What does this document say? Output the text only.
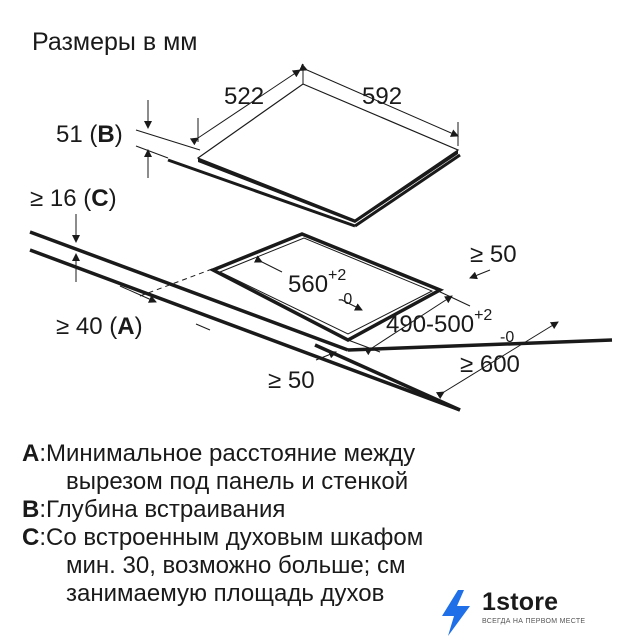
Размеры в мм
522	592
51 (B)
≥ 16 (C)
≥ 40 (A)
$560^{+2}$
-0
$490-500^{+2}$
-0
≥ 50
≥ 600
≥ 50
A : Минимальное расстояние между
вырезом под панель и стенкой
B : Глубина встраивания
C : Со встроенным духовым шкафом
мин. 30, возможно больше; см
занимаемую площадь духов	1store
ВСЕГДА НА ПЕРВОМ МЕСТЕ
